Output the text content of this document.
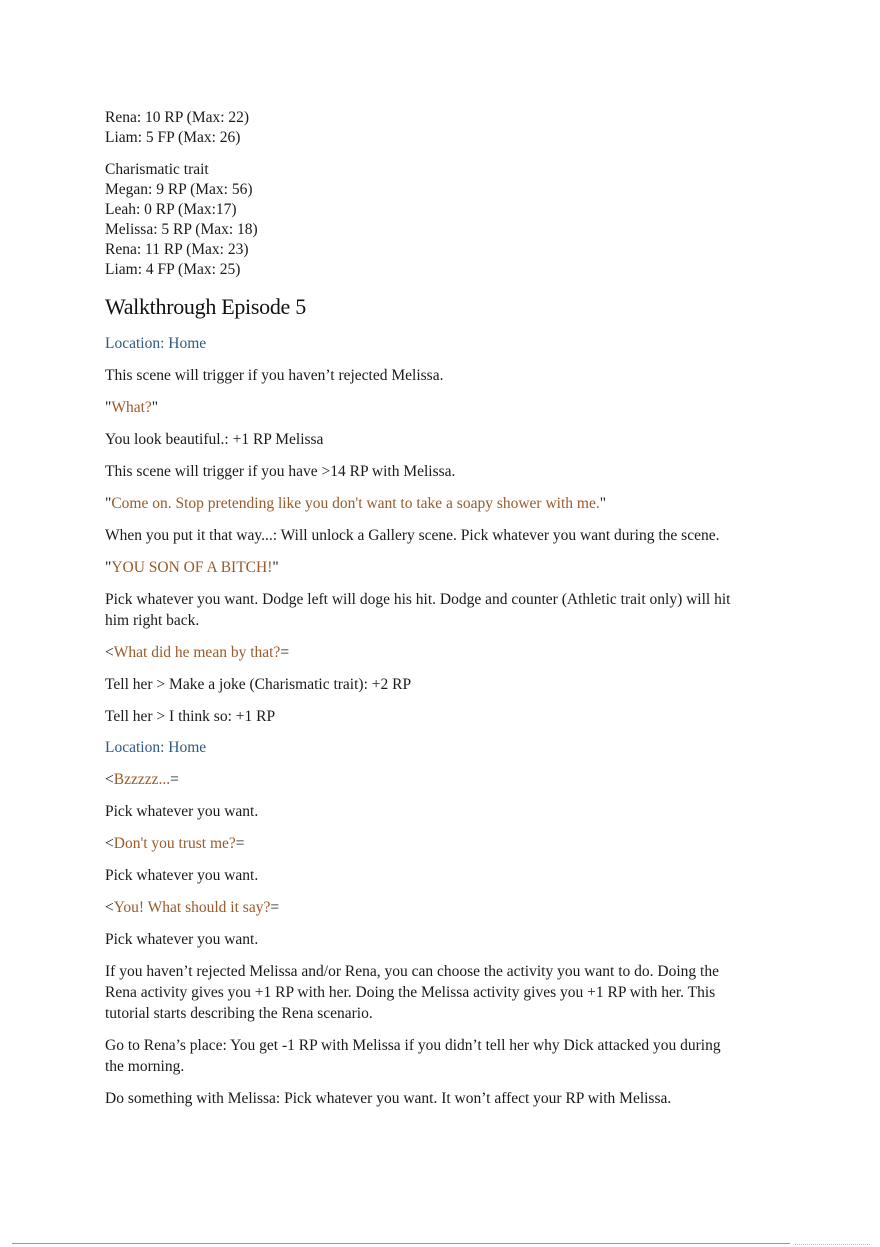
Rena: 10 RP (Max: 22)
Liam: 5 FP (Max: 26)
Charismatic trait
Megan: 9 RP (Max: 56)
Leah: 0 RP (Max:17)
Melissa: 5 RP (Max: 18)
Rena: 11 RP (Max: 23)
Liam: 4 FP (Max: 25)
Walkthrough Episode 5
Location: Home

This scene will trigger if you haven’t rejected Melissa.

"What?"

You look beautiful.: +1 RP Melissa

This scene will trigger if you have >14 RP with Melissa.

"Come on. Stop pretending like you don't want to take a soapy shower with me."

When you put it that way...: Will unlock a Gallery scene. Pick whatever you want during the scene.

"YOU SON OF A BITCH!"

Pick whatever you want. Dodge left will doge his hit. Dodge and counter (Athletic trait only) will hit him right back.

<What did he mean by that?=

Tell her > Make a joke (Charismatic trait): +2 RP

Tell her > I think so: +1 RP

Location: Home

<Bzzzzz...=

Pick whatever you want.

<Don't you trust me?=

Pick whatever you want.

<You! What should it say?=

Pick whatever you want.

If you haven’t rejected Melissa and/or Rena, you can choose the activity you want to do. Doing the Rena activity gives you +1 RP with her. Doing the Melissa activity gives you +1 RP with her. This tutorial starts describing the Rena scenario.

Go to Rena’s place: You get -1 RP with Melissa if you didn’t tell her why Dick attacked you during the morning.

Do something with Melissa: Pick whatever you want. It won’t affect your RP with Melissa.
